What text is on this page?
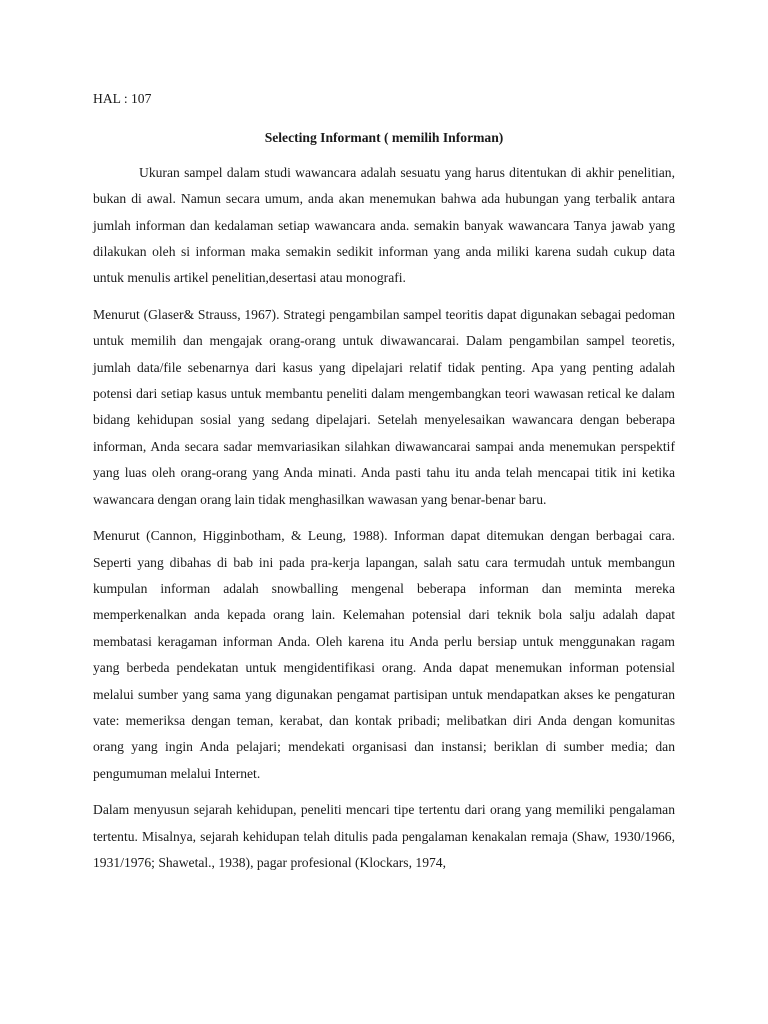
HAL : 107

Selecting Informant ( memilih Informan)

Ukuran sampel dalam studi wawancara adalah sesuatu yang harus ditentukan di akhir penelitian, bukan di awal. Namun secara umum, anda akan menemukan bahwa ada hubungan yang terbalik antara jumlah informan dan kedalaman setiap wawancara anda. semakin banyak wawancara Tanya jawab yang dilakukan oleh si informan maka semakin sedikit informan yang anda miliki karena sudah cukup data untuk menulis artikel penelitian,desertasi atau monografi.

Menurut (Glaser& Strauss, 1967). Strategi pengambilan sampel teoritis dapat digunakan sebagai pedoman untuk memilih dan mengajak orang-orang untuk diwawancarai. Dalam pengambilan sampel teoretis, jumlah data/file sebenarnya dari kasus yang dipelajari relatif tidak penting. Apa yang penting adalah potensi dari setiap kasus untuk membantu peneliti dalam mengembangkan teori wawasan retical ke dalam bidang kehidupan sosial yang sedang dipelajari. Setelah menyelesaikan wawancara dengan beberapa informan, Anda secara sadar memvariasikan silahkan diwawancarai sampai anda menemukan perspektif yang luas oleh orang-orang yang Anda minati. Anda pasti tahu itu anda telah mencapai titik ini ketika wawancara dengan orang lain tidak menghasilkan wawasan yang benar-benar baru.

Menurut (Cannon, Higginbotham, & Leung, 1988). Informan dapat ditemukan dengan berbagai cara. Seperti yang dibahas di bab ini pada pra-kerja lapangan, salah satu cara termudah untuk membangun kumpulan informan adalah snowballing mengenal beberapa informan dan meminta mereka memperkenalkan anda kepada orang lain. Kelemahan potensial dari teknik bola salju adalah dapat membatasi keragaman informan Anda. Oleh karena itu Anda perlu bersiap untuk menggunakan ragam yang berbeda pendekatan untuk mengidentifikasi orang. Anda dapat menemukan informan potensial melalui sumber yang sama yang digunakan pengamat partisipan untuk mendapatkan akses ke pengaturan vate: memeriksa dengan teman, kerabat, dan kontak pribadi; melibatkan diri Anda dengan komunitas orang yang ingin Anda pelajari; mendekati organisasi dan instansi; beriklan di sumber media; dan pengumuman melalui Internet.

Dalam menyusun sejarah kehidupan, peneliti mencari tipe tertentu dari orang yang memiliki pengalaman tertentu. Misalnya, sejarah kehidupan telah ditulis pada pengalaman kenakalan remaja (Shaw, 1930/1966, 1931/1976; Shawetal., 1938), pagar profesional (Klockars, 1974,
